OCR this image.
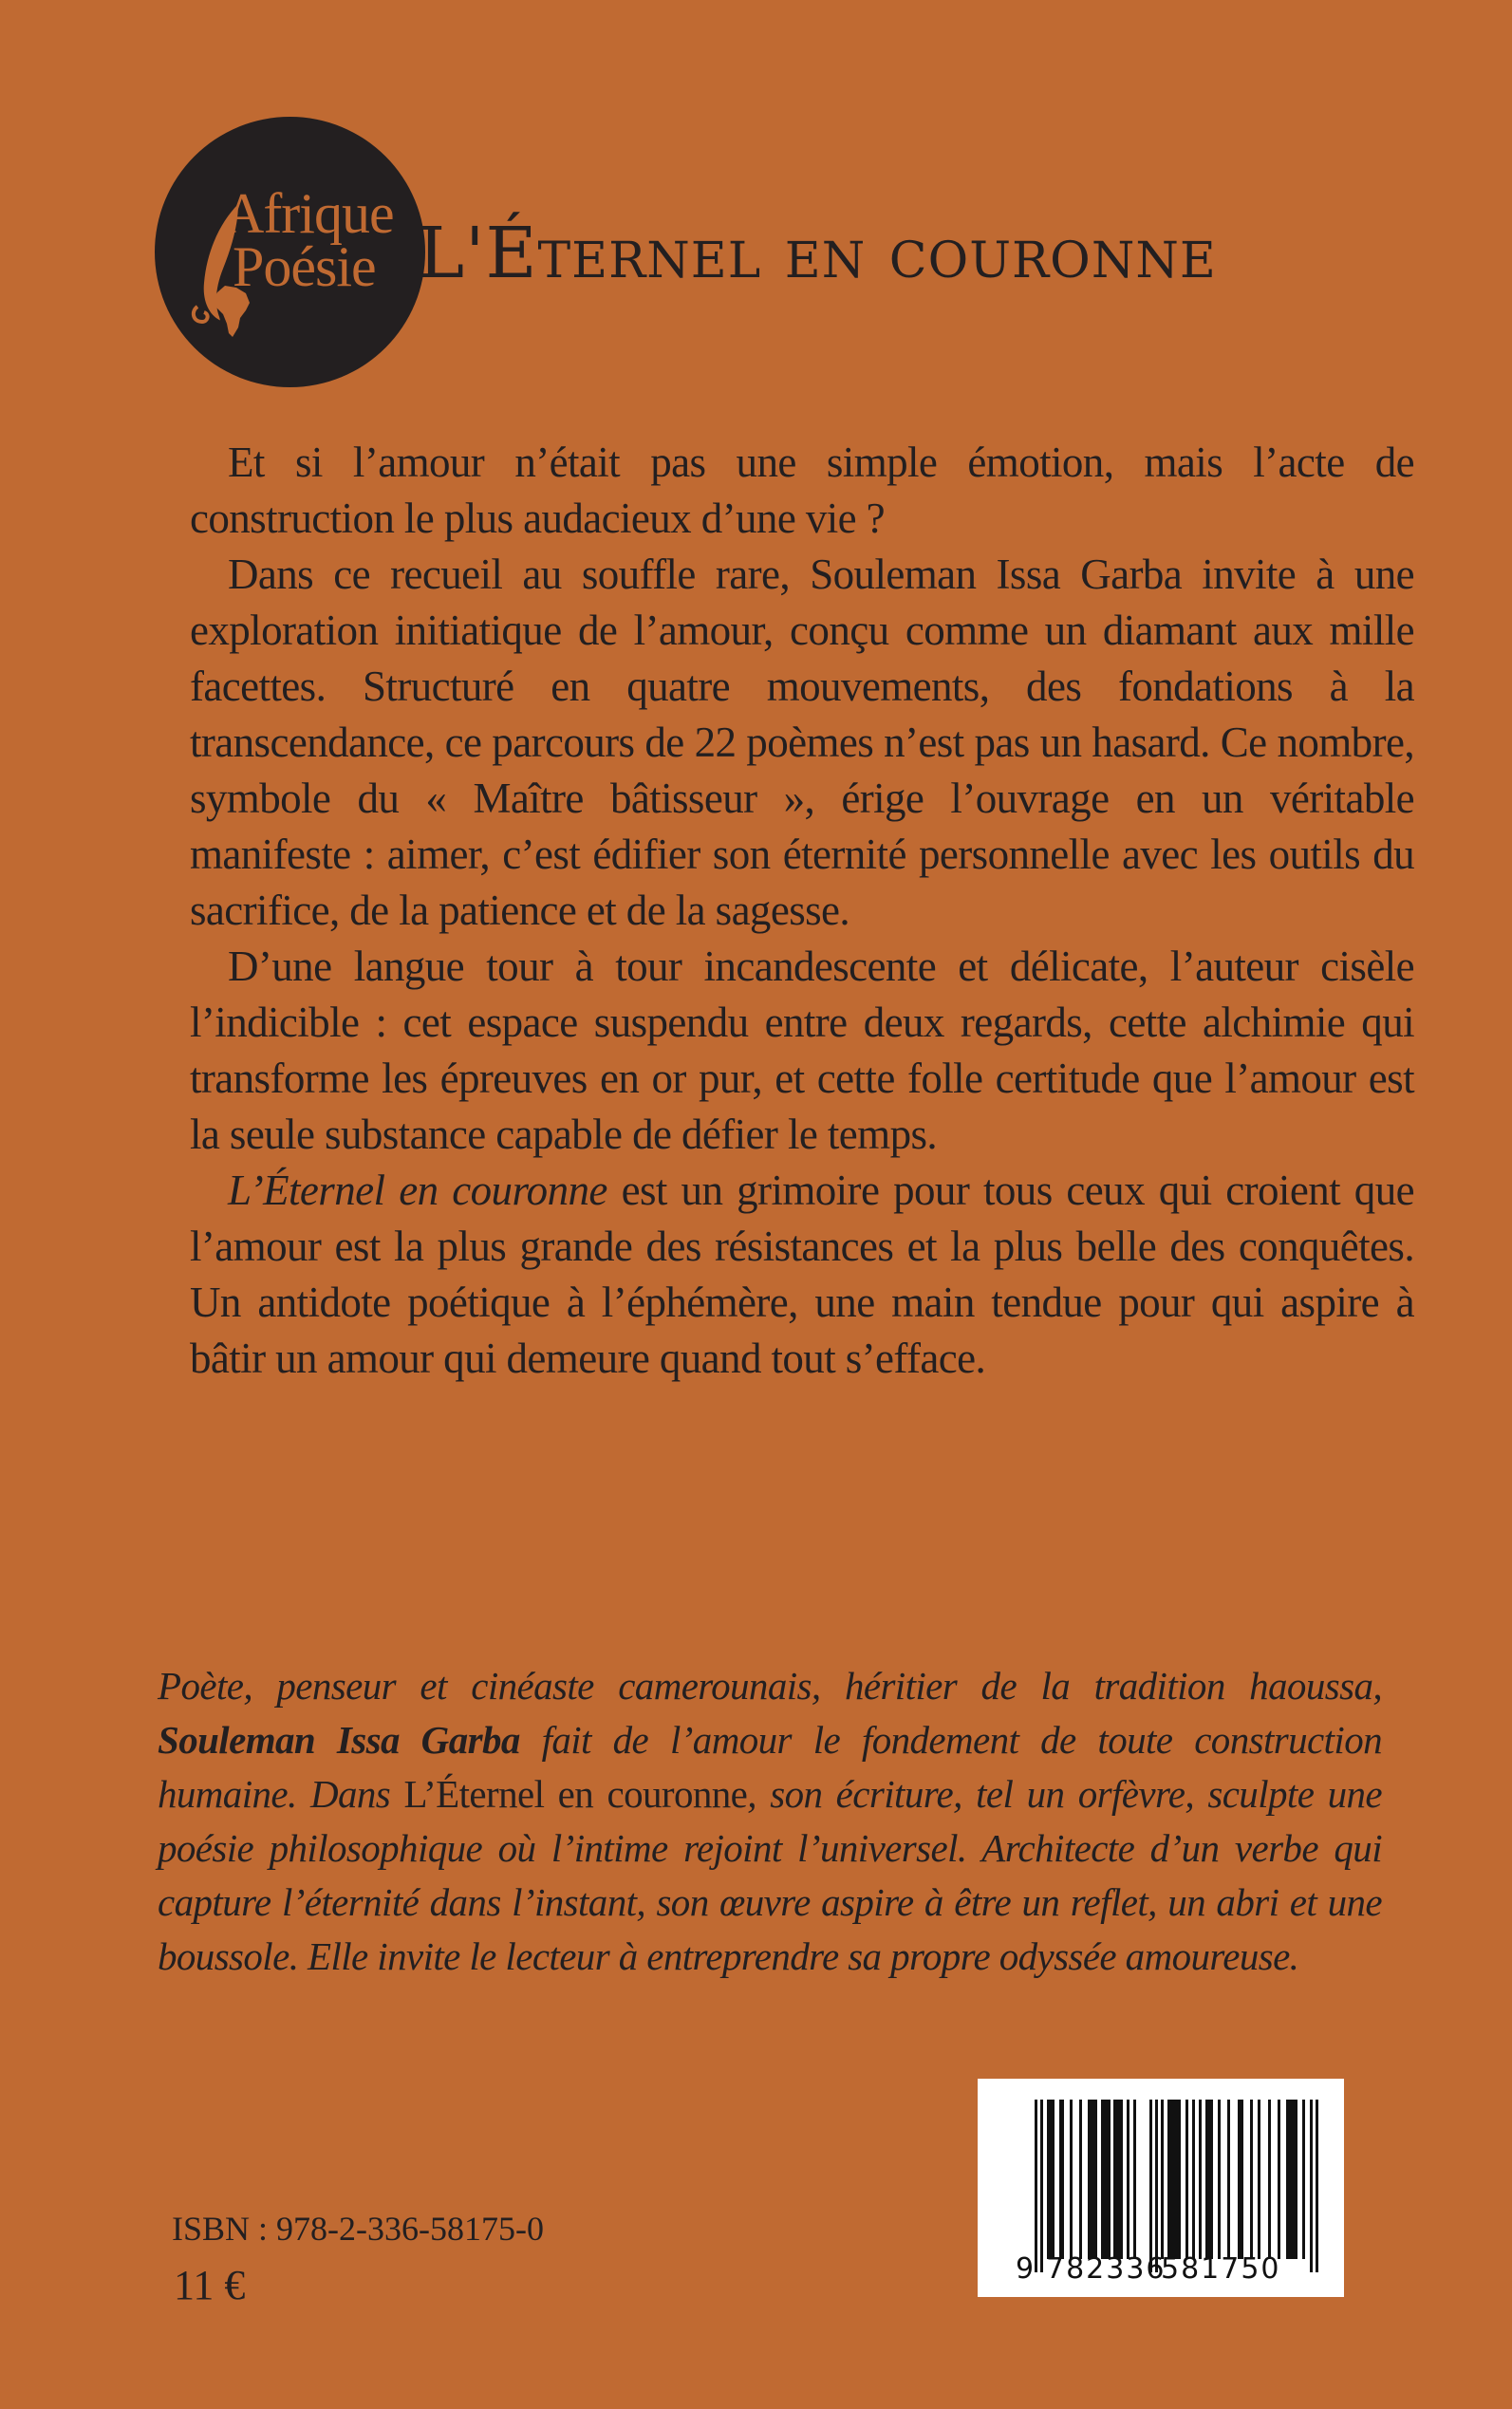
Afrique
Poésie L'Éternel en couronne

Et si l’amour n’était pas une simple émotion, mais l’acte de construction le plus audacieux d’une vie ?

Dans ce recueil au souffle rare, Souleman Issa Garba invite à une exploration initiatique de l’amour, conçu comme un diamant aux mille facettes. Structuré en quatre mouvements, des fondations à la transcendance, ce parcours de 22 poèmes n’est pas un hasard. Ce nombre, symbole du « Maître bâtisseur », érige l’ouvrage en un véritable manifeste : aimer, c’est édifier son éternité personnelle avec les outils du sacrifice, de la patience et de la sagesse.

D’une langue tour à tour incandescente et délicate, l’auteur cisèle l’indicible : cet espace suspendu entre deux regards, cette alchimie qui transforme les épreuves en or pur, et cette folle certitude que l’amour est la seule substance capable de défier le temps.

L’Éternel en couronne est un grimoire pour tous ceux qui croient que l’amour est la plus grande des résistances et la plus belle des conquêtes. Un antidote poétique à l’éphémère, une main tendue pour qui aspire à bâtir un amour qui demeure quand tout s’efface.

Poète, penseur et cinéaste camerounais, héritier de la tradition haoussa, Souleman Issa Garba fait de l’amour le fondement de toute construction humaine. Dans L’Éternel en couronne, son écriture, tel un orfèvre, sculpte une poésie philosophique où l’intime rejoint l’universel. Architecte d’un verbe qui capture l’éternité dans l’instant, son œuvre aspire à être un reflet, un abri et une boussole. Elle invite le lecteur à entreprendre sa propre odyssée amoureuse.

9 782336
581750
ISBN : 978-2-336-58175-0
11 €
